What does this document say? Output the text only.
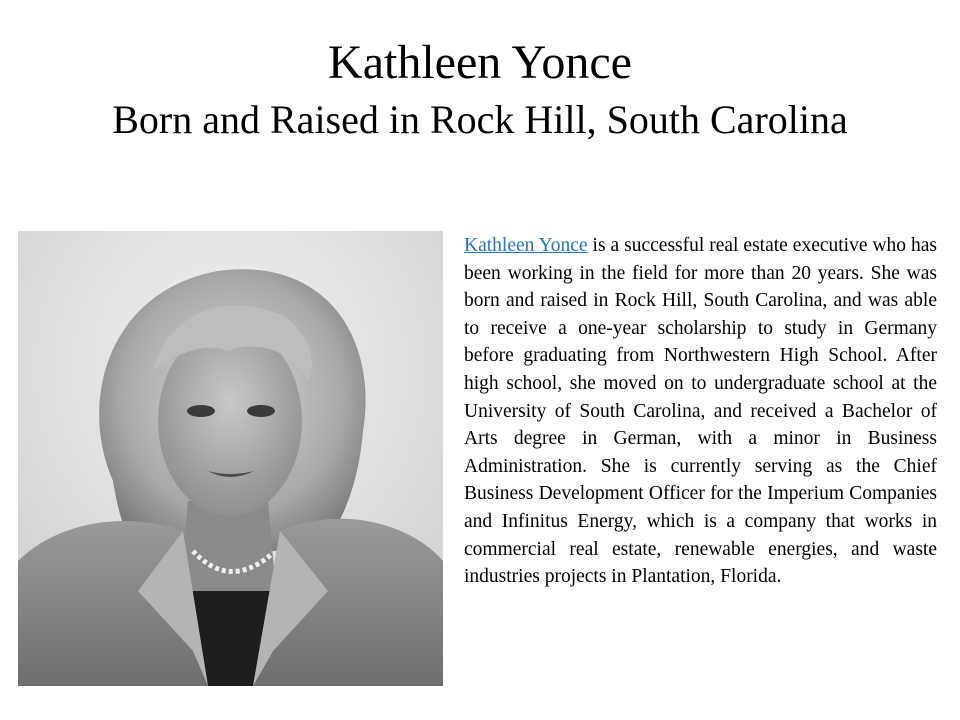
Kathleen Yonce
Born and Raised in Rock Hill, South Carolina
Kathleen Yonce is a successful real estate executive who has been working in the field for more than 20 years. She was born and raised in Rock Hill, South Carolina, and was able to receive a one-year scholarship to study in Germany before graduating from Northwestern High School. After high school, she moved on to undergraduate school at the University of South Carolina, and received a Bachelor of Arts degree in German, with a minor in Business Administration. She is currently serving as the Chief Business Development Officer for the Imperium Companies and Infinitus Energy, which is a company that works in commercial real estate, renewable energies, and waste industries projects in Plantation, Florida.
